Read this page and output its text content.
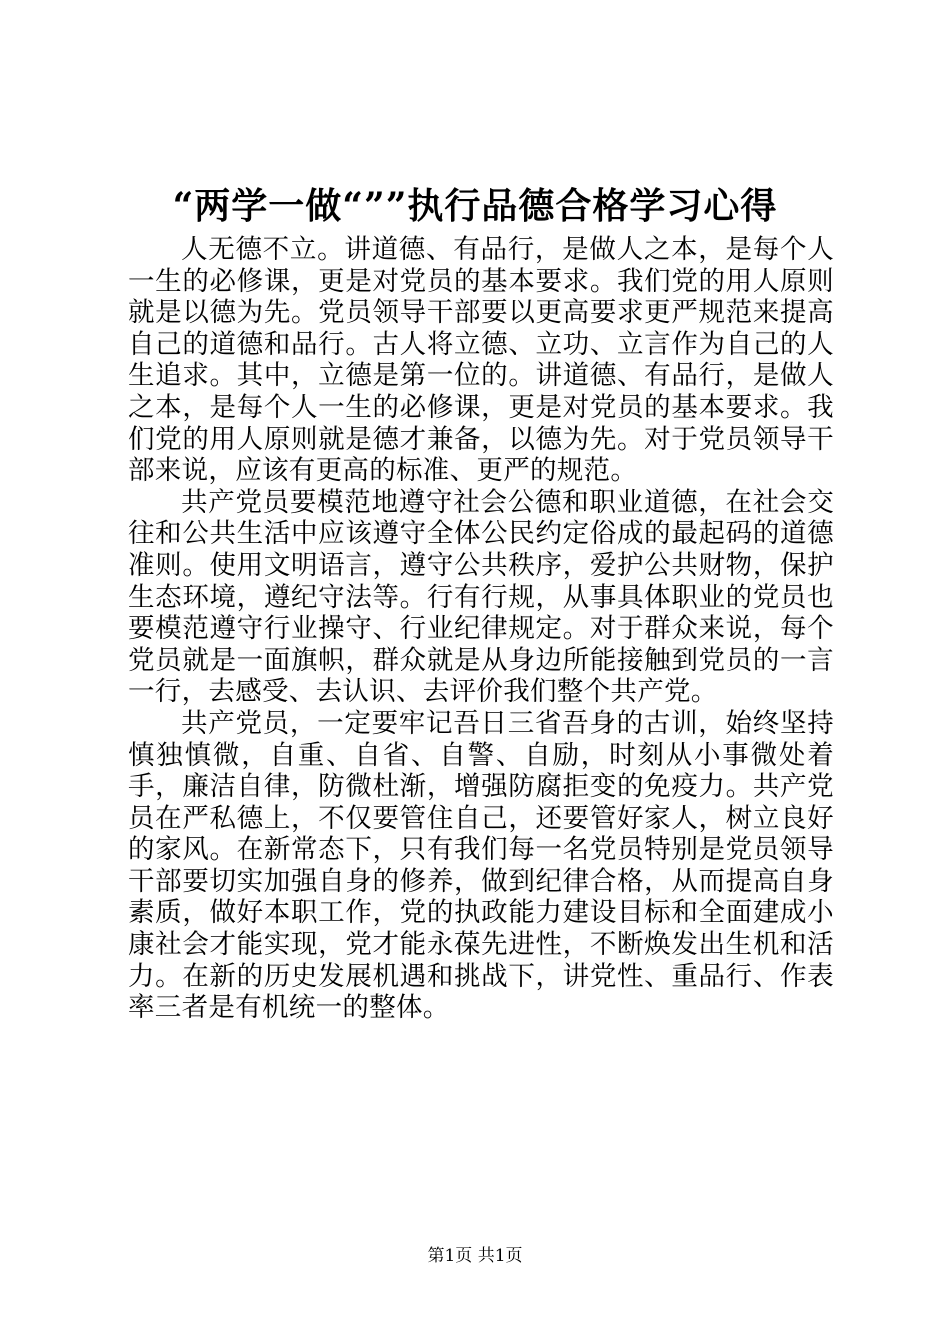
“两学一做“””执行品德合格学习心得

人无德不立。讲道德、有品行，是做人之本，是每个人一生的必修课，更是对党员的基本要求。我们党的用人原则就是以德为先。党员领导干部要以更高要求更严规范来提高自己的道德和品行。古人将立德、立功、立言作为自己的人生追求。其中，立德是第一位的。讲道德、有品行，是做人之本，是每个人一生的必修课，更是对党员的基本要求。我们党的用人原则就是德才兼备，以德为先。对于党员领导干部来说，应该有更高的标准、更严的规范。

共产党员要模范地遵守社会公德和职业道德，在社会交往和公共生活中应该遵守全体公民约定俗成的最起码的道德准则。使用文明语言，遵守公共秩序，爱护公共财物，保护生态环境，遵纪守法等。行有行规，从事具体职业的党员也要模范遵守行业操守、行业纪律规定。对于群众来说，每个党员就是一面旗帜，群众就是从身边所能接触到党员的一言一行，去感受、去认识、去评价我们整个共产党。

共产党员，一定要牢记吾日三省吾身的古训，始终坚持慎独慎微，自重、自省、自警、自励，时刻从小事微处着手，廉洁自律，防微杜渐，增强防腐拒变的免疫力。共产党员在严私德上，不仅要管住自己，还要管好家人，树立良好的家风。在新常态下，只有我们每一名党员特别是党员领导干部要切实加强自身的修养，做到纪律合格，从而提高自身素质，做好本职工作，党的执政能力建设目标和全面建成小康社会才能实现，党才能永葆先进性，不断焕发出生机和活力。在新的历史发展机遇和挑战下，讲党性、重品行、作表率三者是有机统一的整体。

第1页 共1页
